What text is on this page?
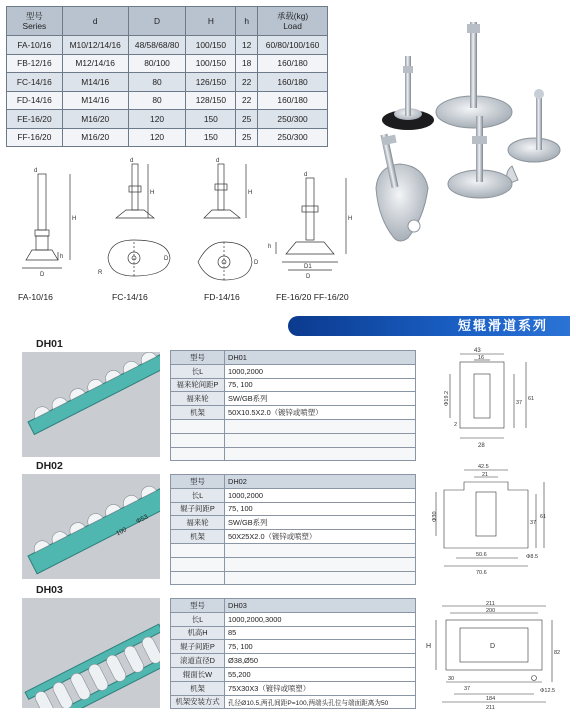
型号
Series	d	D	H	h	承载(kg)
Load

FA-10/16	M10/12/14/16	48/58/68/80	100/150	12	60/80/100/160
FB-12/16	M12/14/16	80/100	100/150	18	160/180
FC-14/16	M14/16	80	126/150	22	160/180
FD-14/16	M14/16	80	128/150	22	160/180
FE-16/20	M16/20	120	150	25	250/300
FF-16/20	M16/20	120	150	25	250/300
d
H
h
D
FA-10/16
d
H
R
D
FC-14/16
d
H
D
FD-14/16
d
H
h
D1
D
FE-16/20 FF-16/20
短辊滑道系列
DH01
型号	DH01
长L	1000,2000
福来轮间距P	75, 100
福来轮	SW/GB系列
机架	50X10.5X2.0（镀锌或喷塑）

43
16
Φ19.2	37
61
28
2
DH02
100
Φ53
型号	DH02
长L	1000,2000
辊子间距P	75, 100
福来轮	SW/GB系列
机架	50X25X2.0（镀锌或喷塑）

42.5
21
Φ30
37
61
50.6
70.6
Φ8.5
DH03
型号	DH03
长L	1000,2000,3000
机高H	85
辊子间距P	75, 100
滚道直径D	Ø38,Ø50
辊面长W	55,200
机架	75X30X3（镀锌或喷塑）
机架安装方式	孔径Ø10.5,两孔间距P=100,两端头孔位与端面距离为50
211
200
H	D
30
37
184
211
82
Φ12.5
